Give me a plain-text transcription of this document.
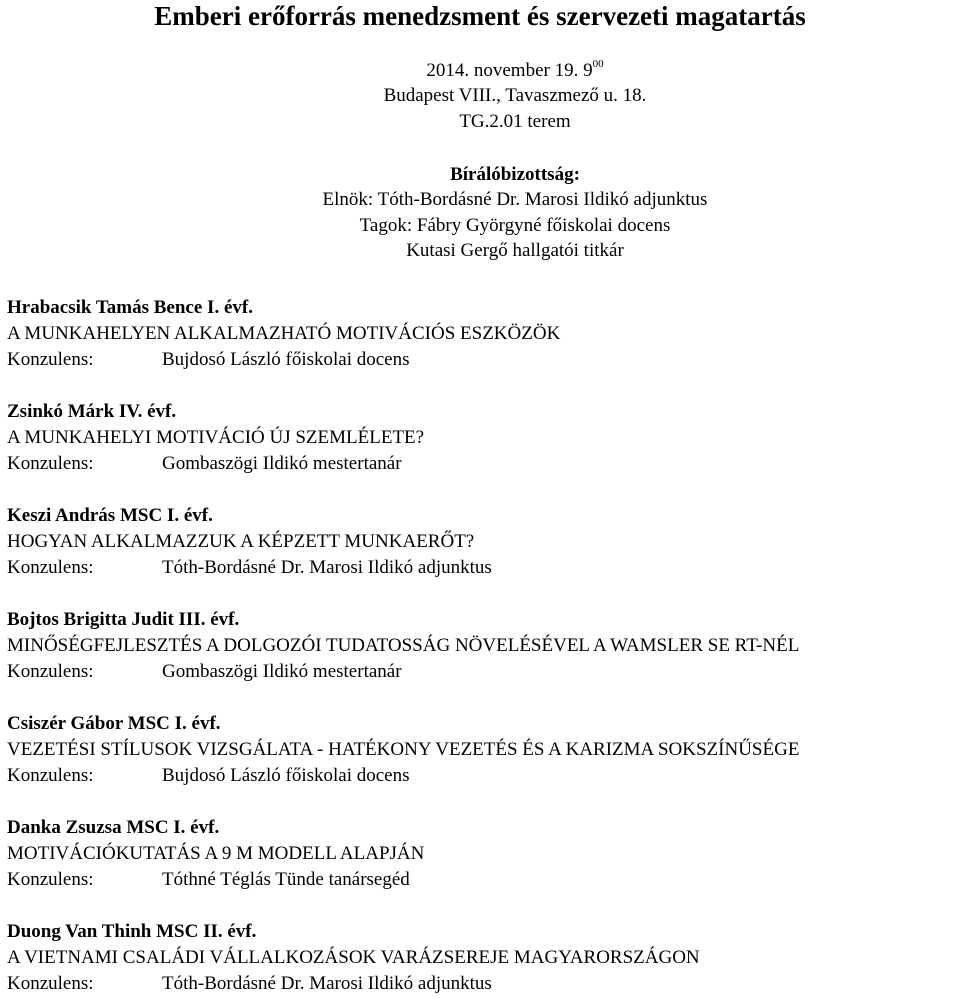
Emberi erőforrás menedzsment és szervezeti magatartás
2014. november 19. $9^{00}$
Budapest VIII., Tavaszmező u. 18.
TG.2.01 terem
Bírálóbizottság:
Elnök: Tóth-Bordásné Dr. Marosi Ildikó adjunktus
Tagok: Fábry Györgyné főiskolai docens
Kutasi Gergő hallgatói titkár
Hrabacsik Tamás Bence I. évf.
A MUNKAHELYEN ALKALMAZHATÓ MOTIVÁCIÓS ESZKÖZÖK
Konzulens:	Bujdosó László főiskolai docens
Zsinkó Márk IV. évf.
A MUNKAHELYI MOTIVÁCIÓ ÚJ SZEMLÉLETE?
Konzulens:	Gombaszögi Ildikó mestertanár
Keszi András MSC I. évf.
HOGYAN ALKALMAZZUK A KÉPZETT MUNKAERŐT?
Konzulens:	Tóth-Bordásné Dr. Marosi Ildikó adjunktus
Bojtos Brigitta Judit III. évf.
MINŐSÉGFEJLESZTÉS A DOLGOZÓI TUDATOSSÁG NÖVELÉSÉVEL A WAMSLER SE RT-NÉL
Konzulens:	Gombaszögi Ildikó mestertanár
Csiszér Gábor MSC I. évf.
VEZETÉSI STÍLUSOK VIZSGÁLATA - HATÉKONY VEZETÉS ÉS A KARIZMA SOKSZÍNŰSÉGE
Konzulens:	Bujdosó László főiskolai docens
Danka Zsuzsa MSC I. évf.
MOTIVÁCIÓKUTATÁS A 9 M MODELL ALAPJÁN
Konzulens:	Tóthné Téglás Tünde tanársegéd
Duong Van Thinh MSC II. évf.
A VIETNAMI CSALÁDI VÁLLALKOZÁSOK VARÁZSEREJE MAGYARORSZÁGON
Konzulens:	Tóth-Bordásné Dr. Marosi Ildikó adjunktus
